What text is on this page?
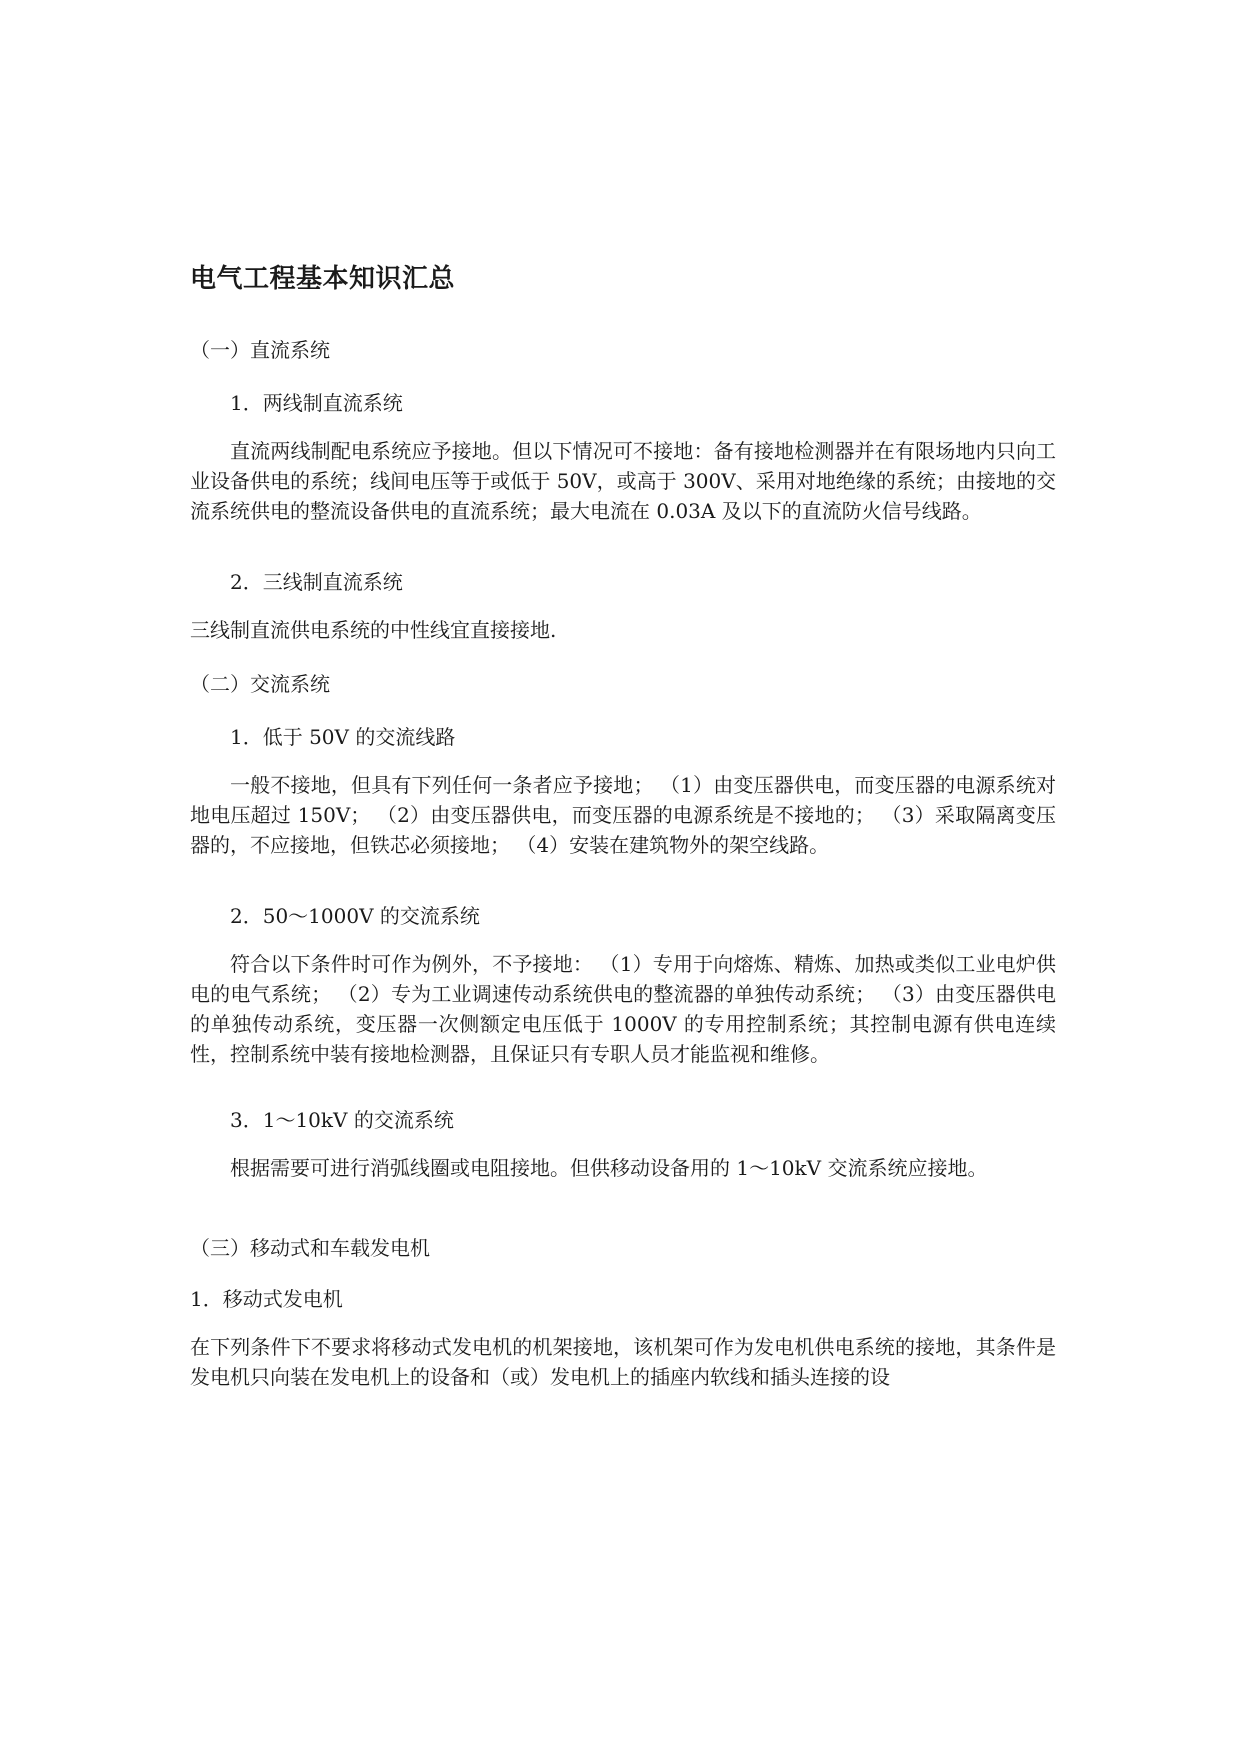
电气工程基本知识汇总
（一）直流系统
1．两线制直流系统
直流两线制配电系统应予接地。但以下情况可不接地：备有接地检测器并在有限场地内只向工业设备供电的系统；线间电压等于或低于 50V，或高于 300V、采用对地绝缘的系统；由接地的交流系统供电的整流设备供电的直流系统；最大电流在 0.03A 及以下的直流防火信号线路。
2．三线制直流系统
三线制直流供电系统的中性线宜直接接地.
（二）交流系统
1．低于 50V 的交流线路
一般不接地，但具有下列任何一条者应予接地； （1）由变压器供电，而变压器的电源系统对地电压超过 150V； （2）由变压器供电，而变压器的电源系统是不接地的； （3）采取隔离变压器的，不应接地，但铁芯必须接地； （4）安装在建筑物外的架空线路。
2．50～1000V 的交流系统
符合以下条件时可作为例外，不予接地： （1）专用于向熔炼、精炼、加热或类似工业电炉供电的电气系统； （2）专为工业调速传动系统供电的整流器的单独传动系统； （3）由变压器供电的单独传动系统，变压器一次侧额定电压低于 1000V 的专用控制系统；其控制电源有供电连续性，控制系统中装有接地检测器，且保证只有专职人员才能监视和维修。
3．1～10kV 的交流系统
根据需要可进行消弧线圈或电阻接地。但供移动设备用的 1～10kV 交流系统应接地。
（三）移动式和车载发电机
1．移动式发电机
在下列条件下不要求将移动式发电机的机架接地，该机架可作为发电机供电系统的接地，其条件是发电机只向装在发电机上的设备和（或）发电机上的插座内软线和插头连接的设
